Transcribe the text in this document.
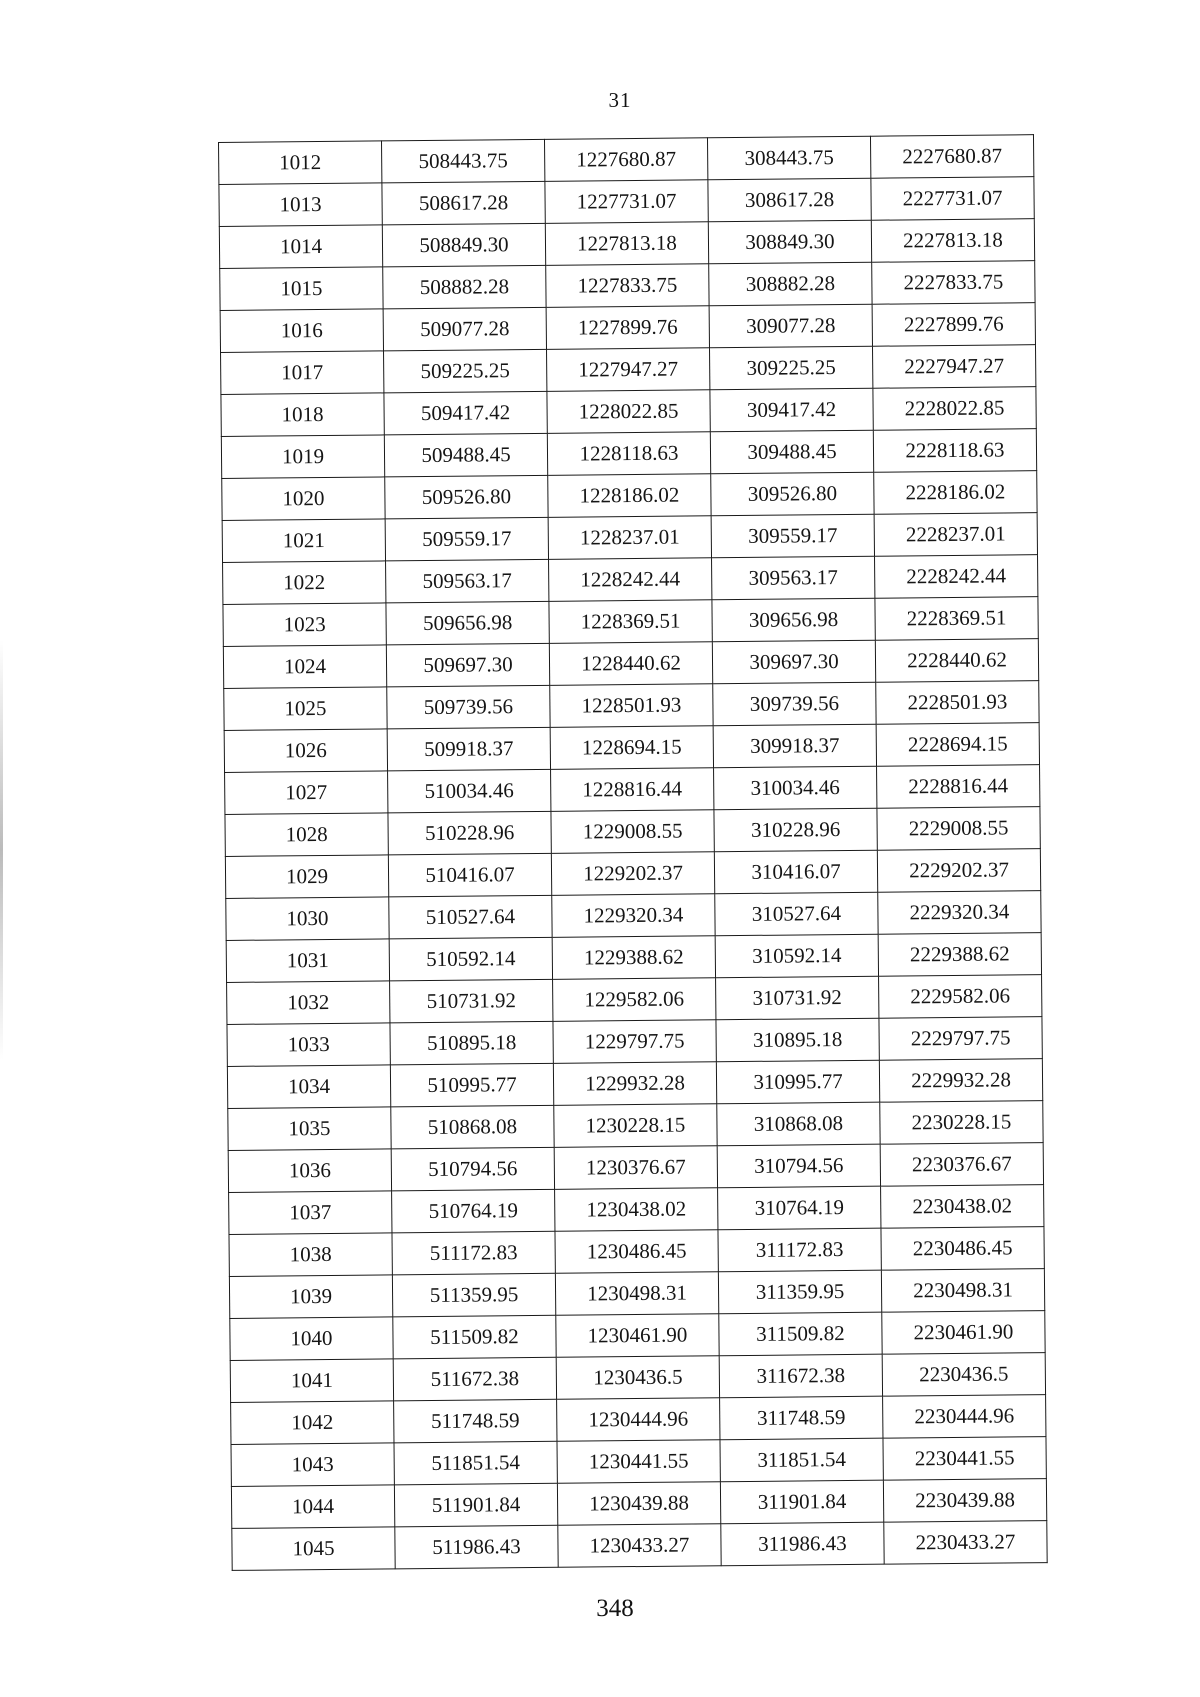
31
1012	508443.75	1227680.87	308443.75	2227680.87
1013	508617.28	1227731.07	308617.28	2227731.07
1014	508849.30	1227813.18	308849.30	2227813.18
1015	508882.28	1227833.75	308882.28	2227833.75
1016	509077.28	1227899.76	309077.28	2227899.76
1017	509225.25	1227947.27	309225.25	2227947.27
1018	509417.42	1228022.85	309417.42	2228022.85
1019	509488.45	1228118.63	309488.45	2228118.63
1020	509526.80	1228186.02	309526.80	2228186.02
1021	509559.17	1228237.01	309559.17	2228237.01
1022	509563.17	1228242.44	309563.17	2228242.44
1023	509656.98	1228369.51	309656.98	2228369.51
1024	509697.30	1228440.62	309697.30	2228440.62
1025	509739.56	1228501.93	309739.56	2228501.93
1026	509918.37	1228694.15	309918.37	2228694.15
1027	510034.46	1228816.44	310034.46	2228816.44
1028	510228.96	1229008.55	310228.96	2229008.55
1029	510416.07	1229202.37	310416.07	2229202.37
1030	510527.64	1229320.34	310527.64	2229320.34
1031	510592.14	1229388.62	310592.14	2229388.62
1032	510731.92	1229582.06	310731.92	2229582.06
1033	510895.18	1229797.75	310895.18	2229797.75
1034	510995.77	1229932.28	310995.77	2229932.28
1035	510868.08	1230228.15	310868.08	2230228.15
1036	510794.56	1230376.67	310794.56	2230376.67
1037	510764.19	1230438.02	310764.19	2230438.02
1038	511172.83	1230486.45	311172.83	2230486.45
1039	511359.95	1230498.31	311359.95	2230498.31
1040	511509.82	1230461.90	311509.82	2230461.90
1041	511672.38	1230436.5	311672.38	2230436.5
1042	511748.59	1230444.96	311748.59	2230444.96
1043	511851.54	1230441.55	311851.54	2230441.55
1044	511901.84	1230439.88	311901.84	2230439.88
1045	511986.43	1230433.27	311986.43	2230433.27
348
